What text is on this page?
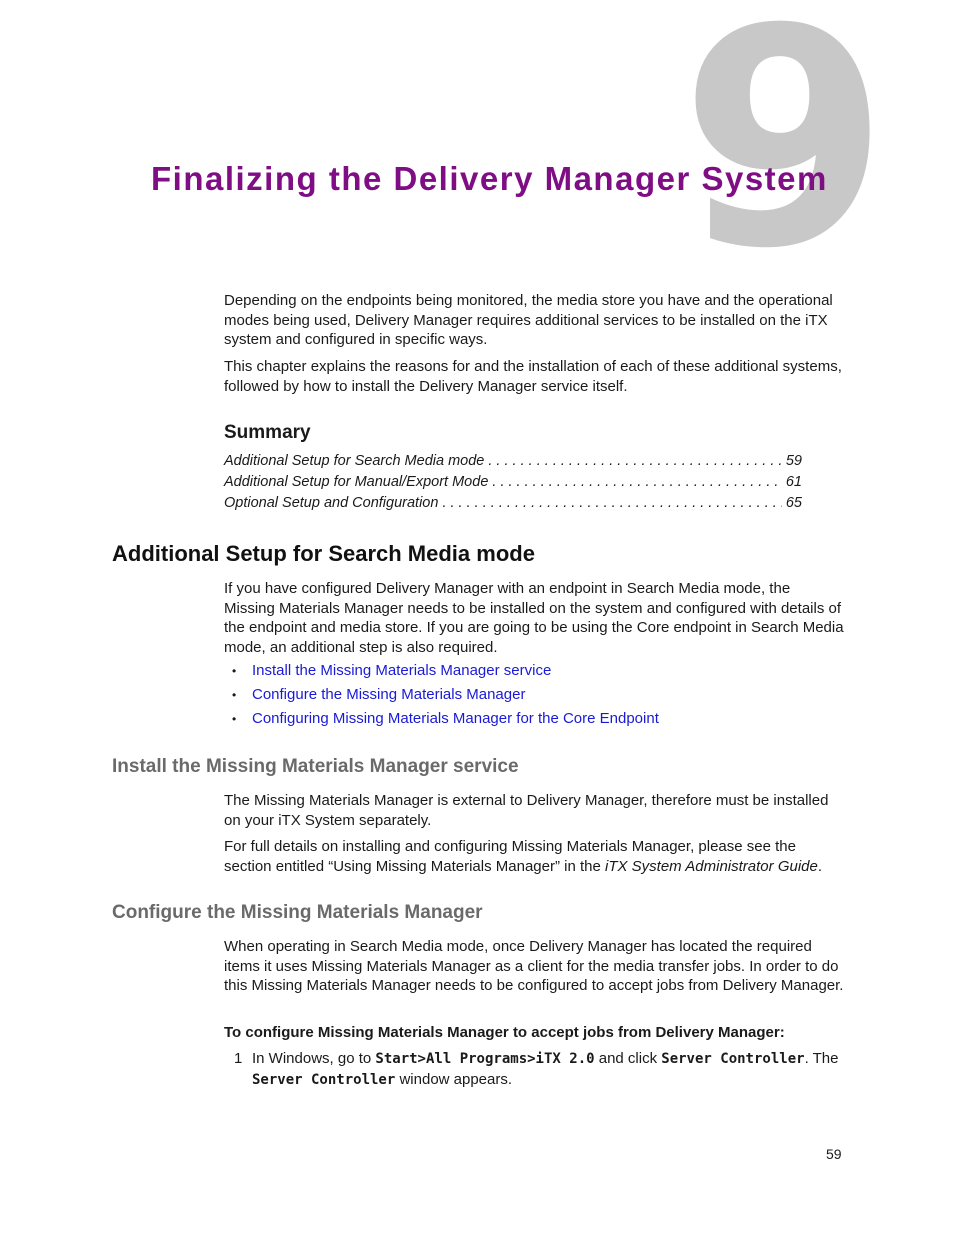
9
Finalizing the Delivery Manager System

Depending on the endpoints being monitored, the media store you have and the operational modes being used, Delivery Manager requires additional services to be installed on the iTX system and configured in specific ways.

This chapter explains the reasons for and the installation of each of these additional systems, followed by how to install the Delivery Manager service itself.

Summary
Additional Setup for Search Media mode . . .	59
Additional Setup for Manual/Export Mode . . .	61
Optional Setup and Configuration . . .	65
Additional Setup for Search Media mode

If you have configured Delivery Manager with an endpoint in Search Media mode, the Missing Materials Manager needs to be installed on the system and configured with details of the endpoint and media store. If you are going to be using the Core endpoint in Search Media mode, an additional step is also required.

•	Install the Missing Materials Manager service
•	Configure the Missing Materials Manager
•	Configuring Missing Materials Manager for the Core Endpoint
Install the Missing Materials Manager service

The Missing Materials Manager is external to Delivery Manager, therefore must be installed on your iTX System separately.

For full details on installing and configuring Missing Materials Manager, please see the section entitled “Using Missing Materials Manager” in the iTX System Administrator Guide.

Configure the Missing Materials Manager

When operating in Search Media mode, once Delivery Manager has located the required items it uses Missing Materials Manager as a client for the media transfer jobs. In order to do this Missing Materials Manager needs to be configured to accept jobs from Delivery Manager.

To configure Missing Materials Manager to accept jobs from Delivery Manager:

1 In Windows, go to Start>All Programs>iTX 2.0 and click Server Controller. The Server Controller window appears.
59
